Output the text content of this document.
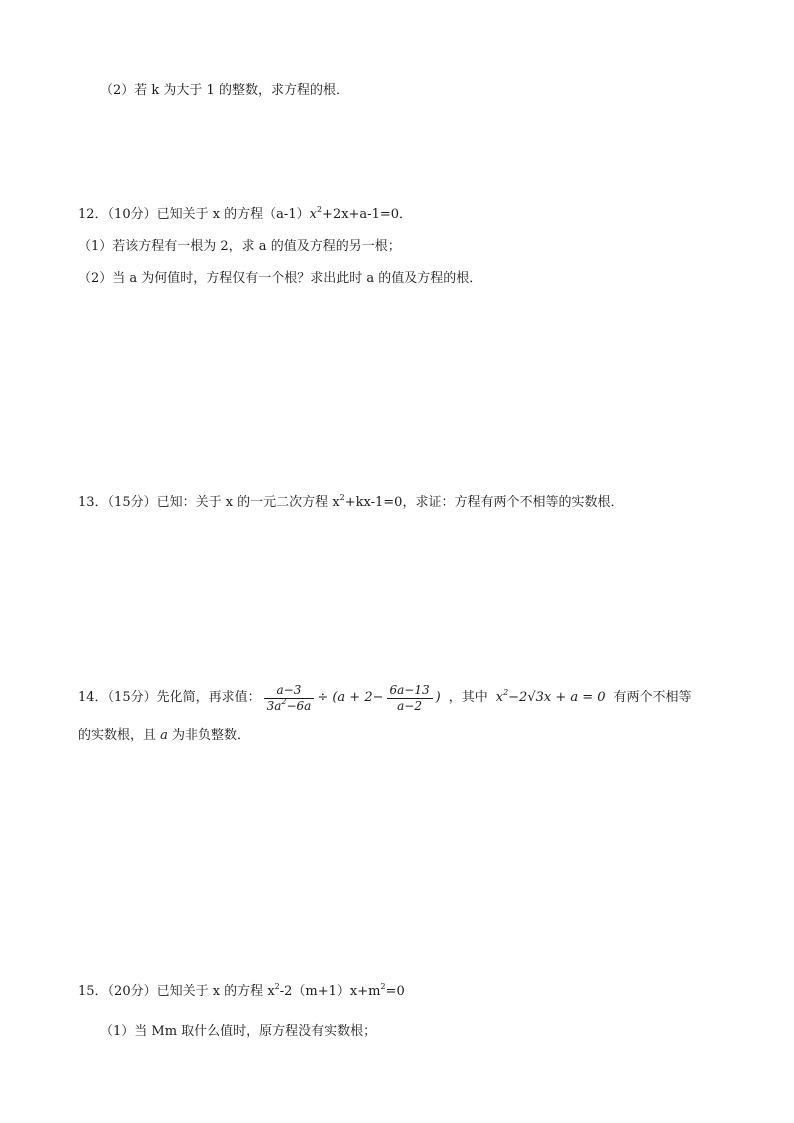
（2）若 k 为大于 1 的整数，求方程的根．
12．（10分）已知关于 x 的方程$(a-1)x^2+2x+a-1=0$．
（1）若该方程有一根为 2，求 a 的值及方程的另一根；
（2）当 a 为何值时，方程仅有一个根？求出此时 a 的值及方程的根．
13．（15分）已知：关于 x 的一元二次方程 $x^2+kx-1=0$，求证：方程有两个不相等的实数根．
14．（15分）先化简，再求值： $\frac{a-3}{3a^2-6a} \div (a + 2- \frac{6a-13}{a-2}$ ) ，其中 $x^2-2√3x + a = 0$ 有两个不相等
的实数根，且 a 为非负整数．
15．（20分）已知关于 x 的方程 $x^2-2(m+1)x+m^2=0$
（1）当 Mm 取什么值时，原方程没有实数根；
